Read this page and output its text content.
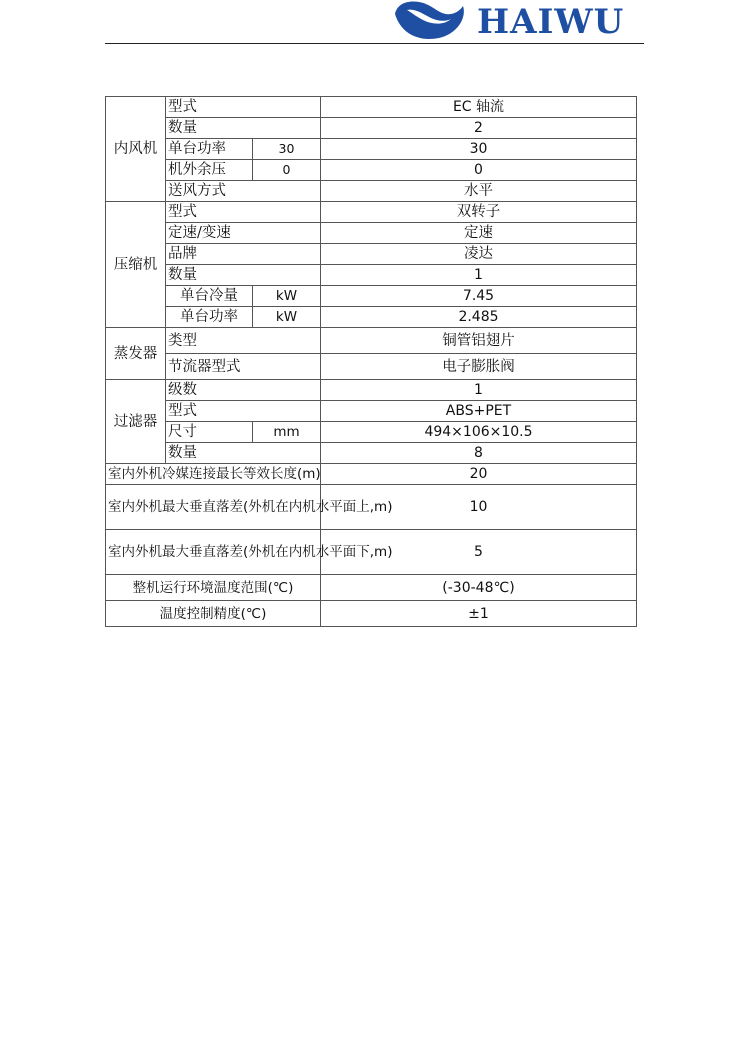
HAIWU
内风机	型式		EC 轴流
	数量		2
	单台功率	30	30
	机外余压	0	0
	送风方式		水平
压缩机	型式		双转子
	定速/变速		定速
	品牌		凌达
	数量		1
	单台冷量	kW	7.45
	单台功率	kW	2.485
蒸发器	类型		铜管铝翅片
	节流器型式		电子膨胀阀
过滤器	级数		1
	型式		ABS+PET
	尺寸	mm	494×106×10.5
	数量		8
室内外机冷媒连接最长等效长度(m)			20
室内外机最大垂直落差(外机在内机水平面上,m)			10
室内外机最大垂直落差(外机在内机水平面下,m)			5
整机运行环境温度范围(℃)			(-30-48℃)
温度控制精度(℃)			±1
